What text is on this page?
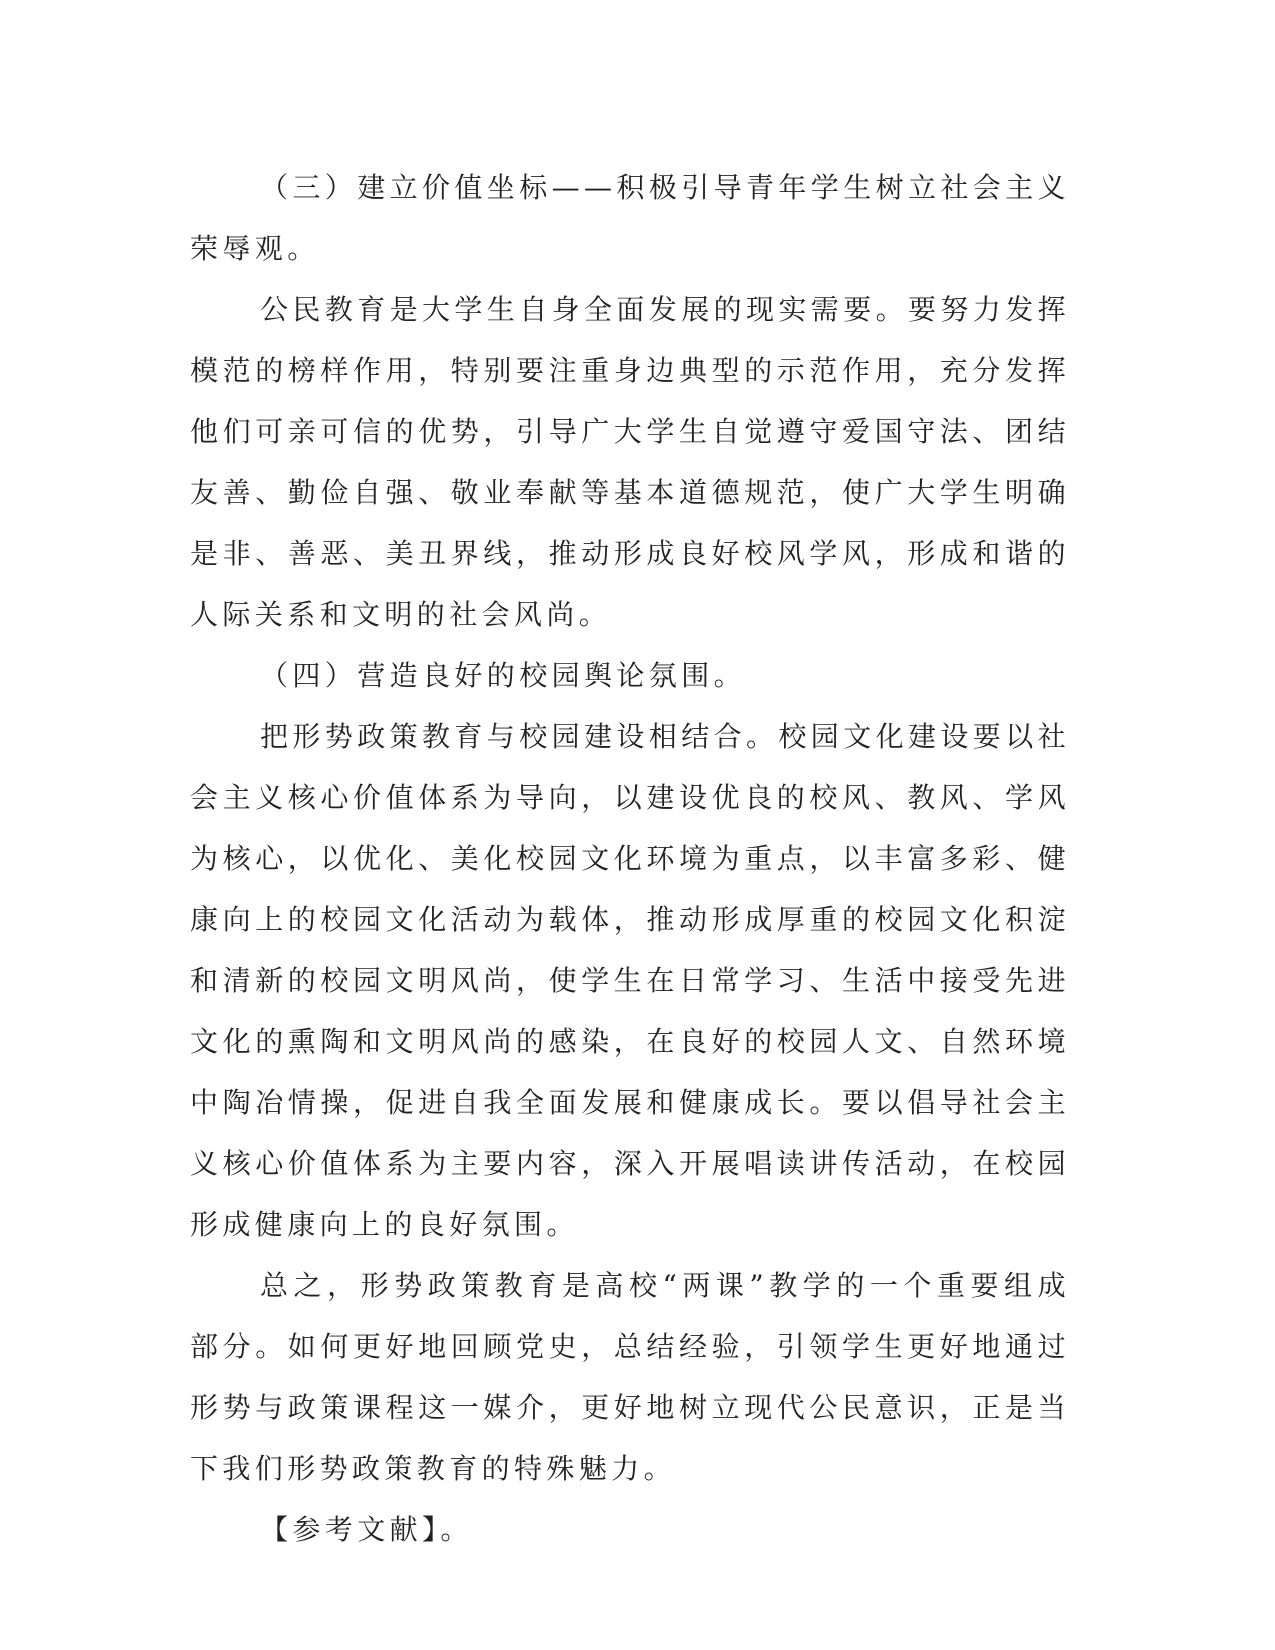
（三）建立价值坐标——积极引导青年学生树立社会主义荣辱观。

公民教育是大学生自身全面发展的现实需要。要努力发挥模范的榜样作用，特别要注重身边典型的示范作用，充分发挥他们可亲可信的优势，引导广大学生自觉遵守爱国守法、团结友善、勤俭自强、敬业奉献等基本道德规范，使广大学生明确是非、善恶、美丑界线，推动形成良好校风学风，形成和谐的人际关系和文明的社会风尚。

（四）营造良好的校园舆论氛围。

把形势政策教育与校园建设相结合。校园文化建设要以社会主义核心价值体系为导向，以建设优良的校风、教风、学风为核心，以优化、美化校园文化环境为重点，以丰富多彩、健康向上的校园文化活动为载体，推动形成厚重的校园文化积淀和清新的校园文明风尚，使学生在日常学习、生活中接受先进文化的熏陶和文明风尚的感染，在良好的校园人文、自然环境中陶冶情操，促进自我全面发展和健康成长。要以倡导社会主义核心价值体系为主要内容，深入开展唱读讲传活动，在校园形成健康向上的良好氛围。

总之，形势政策教育是高校“两课”教学的一个重要组成部分。如何更好地回顾党史，总结经验，引领学生更好地通过形势与政策课程这一媒介，更好地树立现代公民意识，正是当下我们形势政策教育的特殊魅力。

【参考文献】。
